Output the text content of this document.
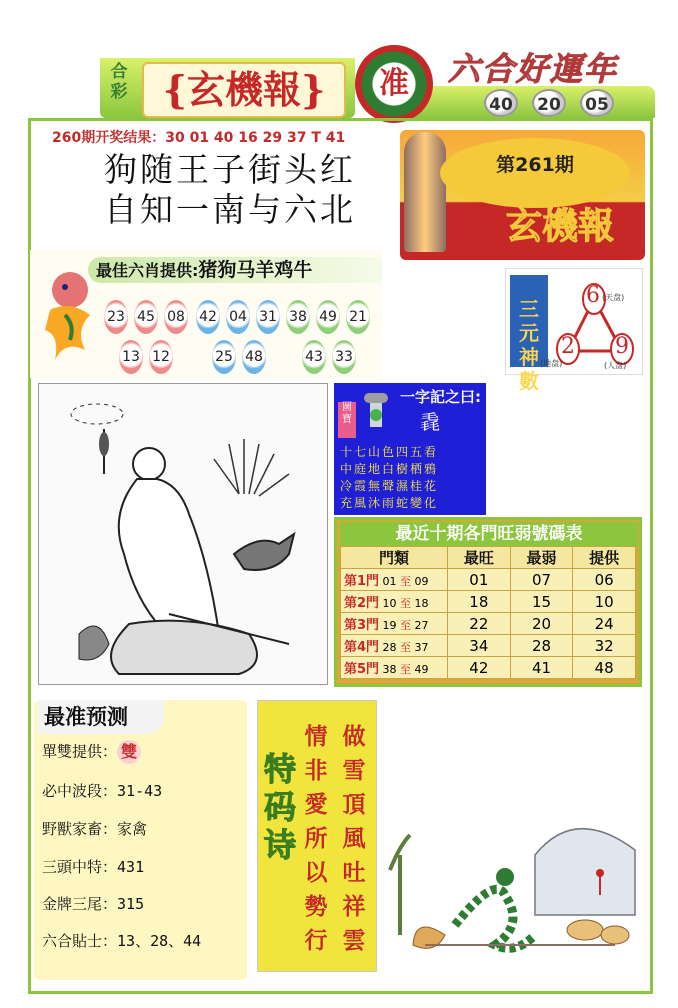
合彩 {玄機報}	准 六合好運年
40	20	05
260期开奖结果：30 01 40 16 29 37 T 41
狗随王子街头红
自知一南与六北
第261期
玄機報
最佳六肖提供:猪狗马羊鸡牛
23 45 08
13 12
42 04 31
25 48
38 49 21
43 33
三元神數
6
2 9
(天盘)
(地盘)	(人盘)
圖寶
一字記之曰:
毳
十七山色四五看
中庭地白樹栖鴉
冷霞無聲濕桂花
充風沐雨蛇變化
最近十期各門旺弱號碼表
門類	最旺	最弱	提供
第1門 01 至 09	01	07	06
第2門 10 至 18	18	15	10
第3門 19 至 27	22	20	24
第4門 28 至 37	34	28	32
第5門 38 至 49	42	41	48
最准预测
單雙提供： 雙
必中波段：31-43
野獸家畜：家禽
三頭中特：431
金牌三尾：315
六合貼士：13、28、44
特码诗
情非愛所以勢行
做雪頂風吐祥雲
